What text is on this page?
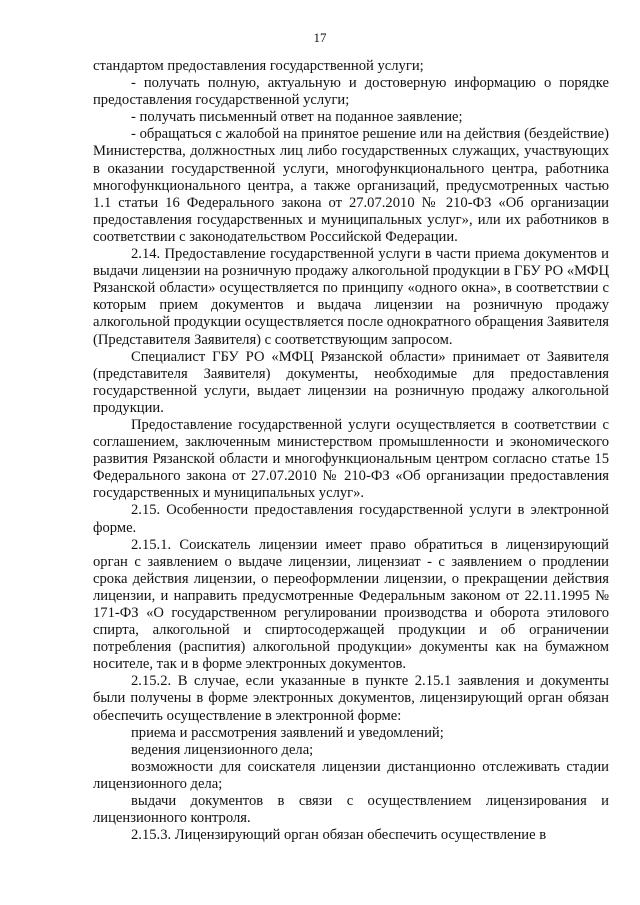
17

стандартом предоставления государственной услуги;

- получать полную, актуальную и достоверную информацию о порядке предоставления государственной услуги;

- получать письменный ответ на поданное заявление;

- обращаться с жалобой на принятое решение или на действия (бездействие) Министерства, должностных лиц либо государственных служащих, участвующих в оказании государственной услуги, многофункционального центра, работника многофункционального центра, а также организаций, предусмотренных частью 1.1 статьи 16 Федерального закона от 27.07.2010 № 210-ФЗ «Об организации предоставления государственных и муниципальных услуг», или их работников в соответствии с законодательством Российской Федерации.

2.14. Предоставление государственной услуги в части приема документов и выдачи лицензии на розничную продажу алкогольной продукции в ГБУ РО «МФЦ Рязанской области» осуществляется по принципу «одного окна», в соответствии с которым прием документов и выдача лицензии на розничную продажу алкогольной продукции осуществляется после однократного обращения Заявителя (Представителя Заявителя) с соответствующим запросом.

Специалист ГБУ РО «МФЦ Рязанской области» принимает от Заявителя (представителя Заявителя) документы, необходимые для предоставления государственной услуги, выдает лицензии на розничную продажу алкогольной продукции.

Предоставление государственной услуги осуществляется в соответствии с соглашением, заключенным министерством промышленности и экономического развития Рязанской области и многофункциональным центром согласно статье 15 Федерального закона от 27.07.2010 № 210-ФЗ «Об организации предоставления государственных и муниципальных услуг».

2.15. Особенности предоставления государственной услуги в электронной форме.

2.15.1. Соискатель лицензии имеет право обратиться в лицензирующий орган с заявлением о выдаче лицензии, лицензиат - с заявлением о продлении срока действия лицензии, о переоформлении лицензии, о прекращении действия лицензии, и направить предусмотренные Федеральным законом от 22.11.1995 № 171-ФЗ «О государственном регулировании производства и оборота этилового спирта, алкогольной и спиртосодержащей продукции и об ограничении потребления (распития) алкогольной продукции» документы как на бумажном носителе, так и в форме электронных документов.

2.15.2. В случае, если указанные в пункте 2.15.1 заявления и документы были получены в форме электронных документов, лицензирующий орган обязан обеспечить осуществление в электронной форме:

приема и рассмотрения заявлений и уведомлений;

ведения лицензионного дела;

возможности для соискателя лицензии дистанционно отслеживать стадии лицензионного дела;

выдачи документов в связи с осуществлением лицензирования и лицензионного контроля.

2.15.3. Лицензирующий орган обязан обеспечить осуществление в
